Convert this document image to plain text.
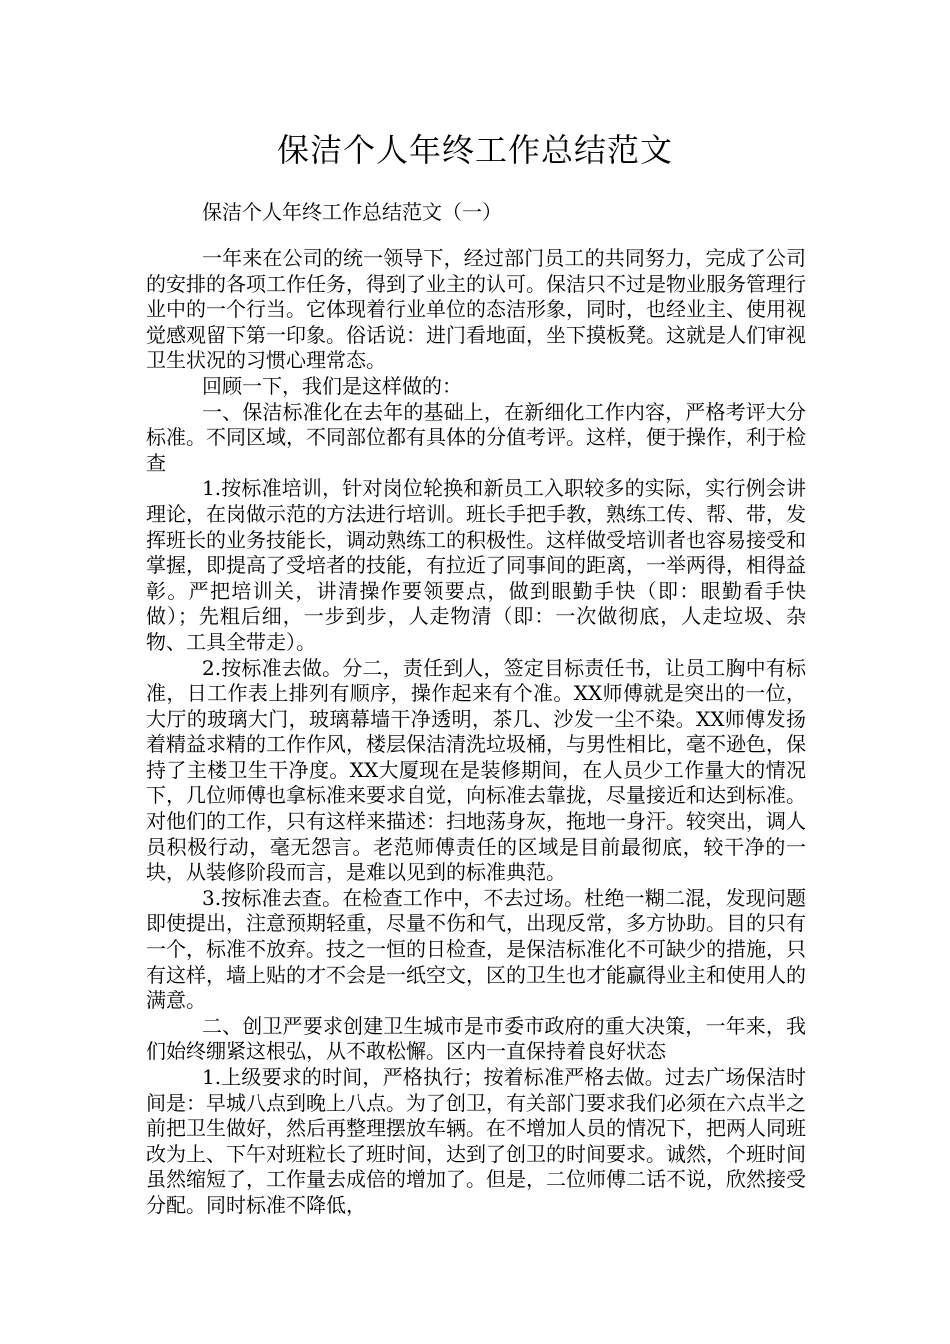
保洁个人年终工作总结范文
保洁个人年终工作总结范文（一）

一年来在公司的统一领导下，经过部门员工的共同努力，完成了公司的安排的各项工作任务，得到了业主的认可。保洁只不过是物业服务管理行业中的一个行当。它体现着行业单位的态洁形象，同时，也经业主、使用视觉感观留下第一印象。俗话说：进门看地面，坐下摸板凳。这就是人们审视卫生状况的习惯心理常态。

回顾一下，我们是这样做的：

一、保洁标准化在去年的基础上，在新细化工作内容，严格考评大分标准。不同区域，不同部位都有具体的分值考评。这样，便于操作，利于检查

1.按标准培训，针对岗位轮换和新员工入职较多的实际，实行例会讲理论，在岗做示范的方法进行培训。班长手把手教，熟练工传、帮、带，发挥班长的业务技能长，调动熟练工的积极性。这样做受培训者也容易接受和掌握，即提高了受培者的技能，有拉近了同事间的距离，一举两得，相得益彰。严把培训关，讲清操作要领要点，做到眼勤手快（即：眼勤看手快做）；先粗后细，一步到步，人走物清（即：一次做彻底，人走垃圾、杂物、工具全带走）。

2.按标准去做。分二，责任到人，签定目标责任书，让员工胸中有标准，日工作表上排列有顺序，操作起来有个准。XX师傅就是突出的一位，大厅的玻璃大门，玻璃幕墙干净透明，茶几、沙发一尘不染。XX师傅发扬着精益求精的工作作风，楼层保洁清洗垃圾桶，与男性相比，毫不逊色，保持了主楼卫生干净度。XX大厦现在是装修期间，在人员少工作量大的情况下，几位师傅也拿标准来要求自觉，向标准去靠拢，尽量接近和达到标准。对他们的工作，只有这样来描述：扫地荡身灰，拖地一身汗。较突出，调人员积极行动，毫无怨言。老范师傅责任的区域是目前最彻底，较干净的一块，从装修阶段而言，是难以见到的标准典范。

3.按标准去查。在检查工作中，不去过场。杜绝一糊二混，发现问题即使提出，注意预期轻重，尽量不伤和气，出现反常，多方协助。目的只有一个，标准不放弃。技之一恒的日检查，是保洁标准化不可缺少的措施，只有这样，墙上贴的才不会是一纸空文，区的卫生也才能赢得业主和使用人的满意。

二、创卫严要求创建卫生城市是市委市政府的重大决策，一年来，我们始终绷紧这根弘，从不敢松懈。区内一直保持着良好状态

1.上级要求的时间，严格执行；按着标准严格去做。过去广场保洁时间是：早城八点到晚上八点。为了创卫，有关部门要求我们必须在六点半之前把卫生做好，然后再整理摆放车辆。在不增加人员的情况下，把两人同班改为上、下午对班粒长了班时间，达到了创卫的时间要求。诚然，个班时间虽然缩短了，工作量去成倍的增加了。但是，二位师傅二话不说，欣然接受分配。同时标准不降低，
